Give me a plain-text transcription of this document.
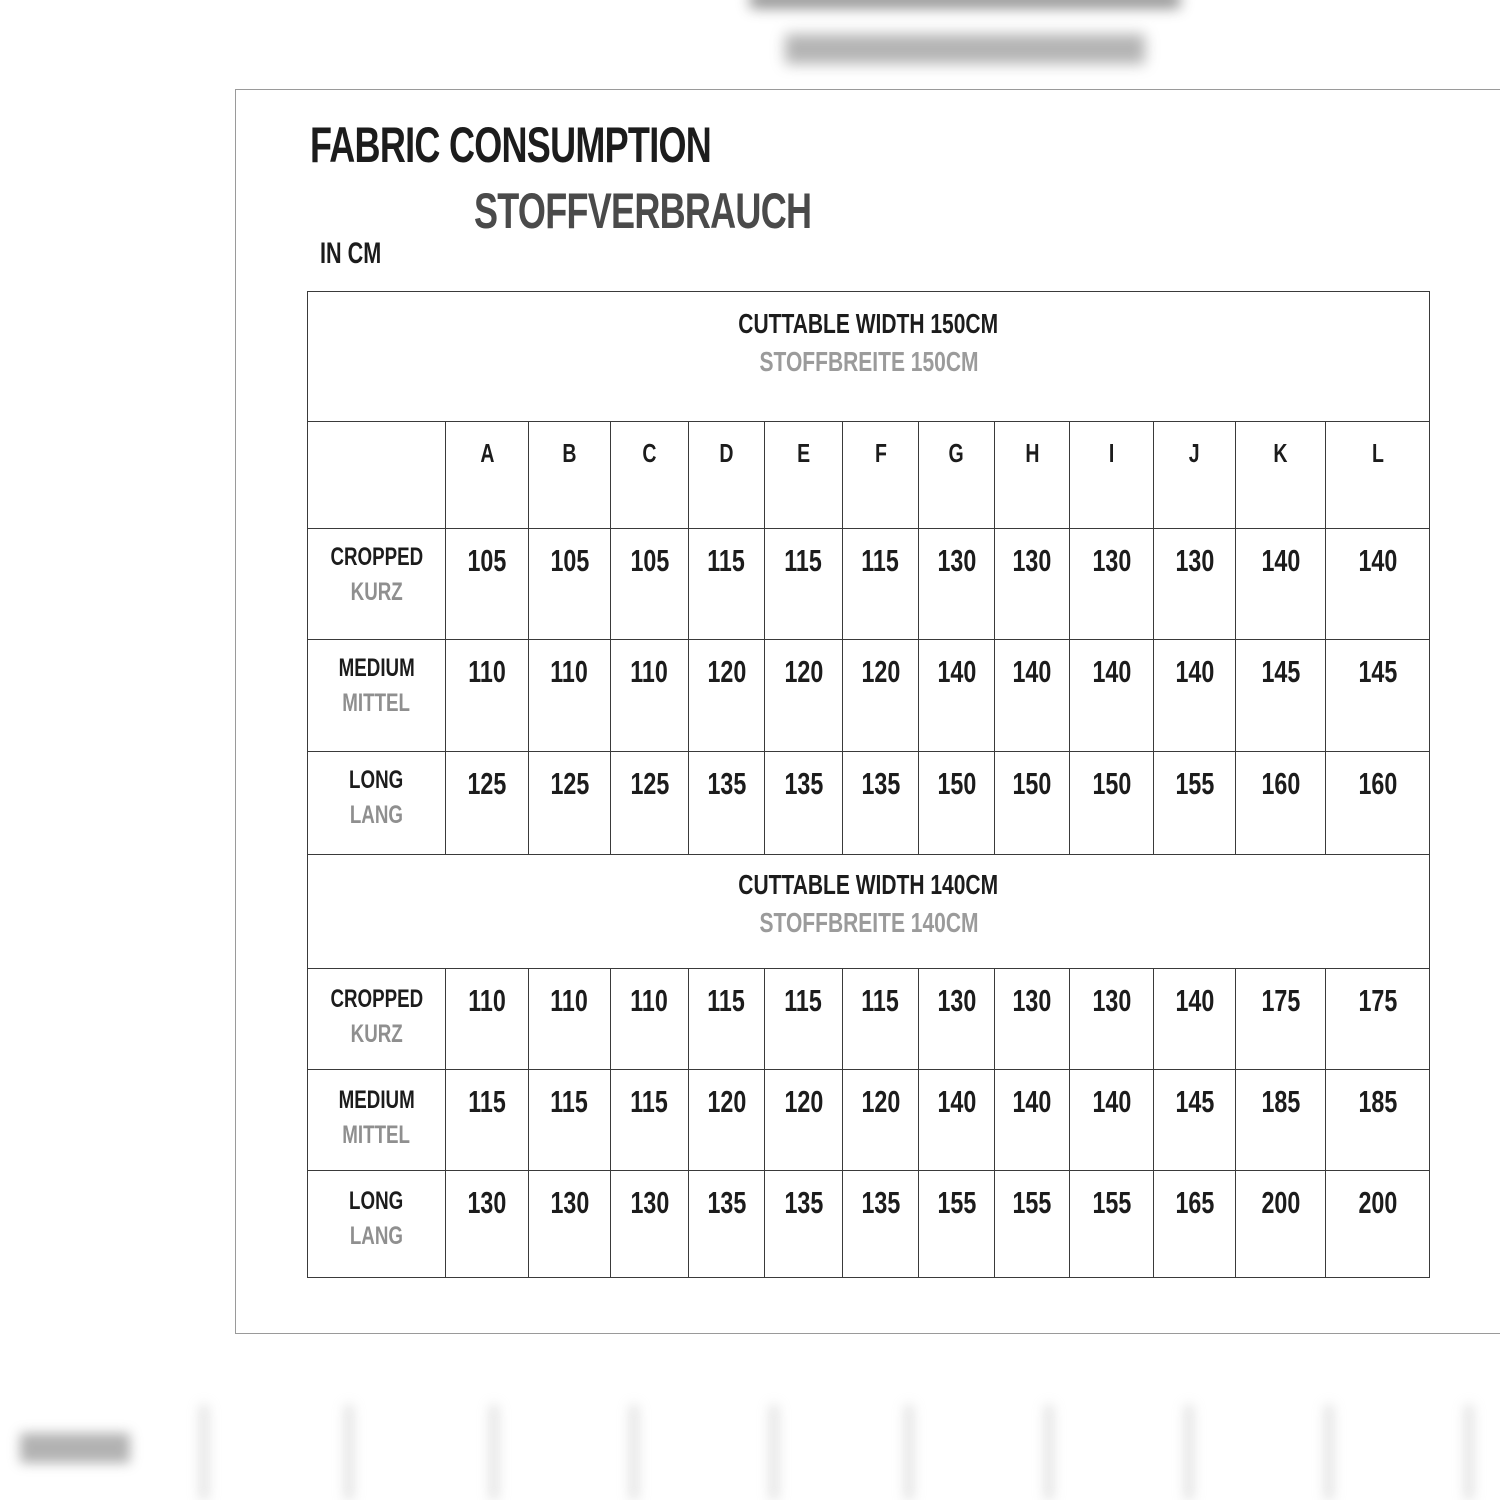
FABRIC CONSUMPTION
STOFFVERBRAUCH
IN CM
CUTTABLE WIDTH 150CM
STOFFBREITE 150CM												

	A	B	C	D	E	F	G	H	I	J	K	L

CROPPED
KURZ	105	105	105	115	115	115	130	130	130	130	140	140

MEDIUM
MITTEL	110	110	110	120	120	120	140	140	140	140	145	145

LONG
LANG	125	125	125	135	135	135	150	150	150	155	160	160

CUTTABLE WIDTH 140CM
STOFFBREITE 140CM												

CROPPED
KURZ	110	110	110	115	115	115	130	130	130	140	175	175

MEDIUM
MITTEL	115	115	115	120	120	120	140	140	140	145	185	185

LONG
LANG	130	130	130	135	135	135	155	155	155	165	200	200
